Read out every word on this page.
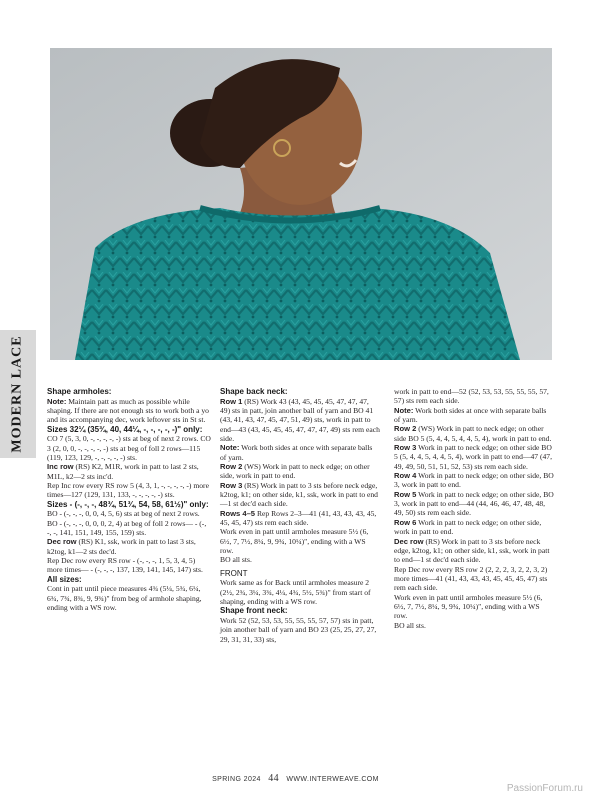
MODERN LACE	Shape armholes:

Note: Maintain patt as much as possible while shaping. If there are not enough sts to work both a yo and its accompanying dec, work leftover sts in St st.

Sizes 32¼ (35¾, 40, 44¼, -, -, -, -, -)" only:

CO 7 (5, 3, 0, -, -, -, -, -) sts at beg of next 2 rows. CO 3 (2, 0, 0, -, -, -, -, -) sts at beg of foll 2 rows—115 (119, 123, 129, -, -, -, -, -) sts.

Inc row (RS) K2, M1R, work in patt to last 2 sts, M1L, k2—2 sts inc'd.

Rep Inc row every RS row 5 (4, 3, 1, -, -, -, -, -) more times—127 (129, 131, 133, -, -, -, -, -) sts.

Sizes - (-, -, -, 48¾, 51¾, 54, 58, 61½)" only:

BO - (-, -, -, 0, 0, 4, 5, 6) sts at beg of next 2 rows. BO - (-, -, -, 0, 0, 0, 2, 4) at beg of foll 2 rows— - (-, -, -, 141, 151, 149, 155, 159) sts.

Dec row (RS) K1, ssk, work in patt to last 3 sts, k2tog, k1—2 sts dec'd.

Rep Dec row every RS row - (-, -, -, 1, 5, 3, 4, 5) more times— - (-, -, -, 137, 139, 141, 145, 147) sts.

All sizes:

Cont in patt until piece measures 4¾ (5¼, 5¾, 6¼, 6¾, 7¾, 8¾, 9, 9¾)" from beg of armhole shaping, ending with a WS row.

Shape back neck:

Row 1 (RS) Work 43 (43, 45, 45, 45, 47, 47, 47, 49) sts in patt, join another ball of yarn and BO 41 (43, 41, 43, 47, 45, 47, 51, 49) sts, work in patt to end—43 (43, 45, 45, 45, 47, 47, 47, 49) sts rem each side.

Note: Work both sides at once with separate balls of yarn.

Row 2 (WS) Work in patt to neck edge; on other side, work in patt to end.

Row 3 (RS) Work in patt to 3 sts before neck edge, k2tog, k1; on other side, k1, ssk, work in patt to end—1 st dec'd each side.

Rows 4–5 Rep Rows 2–3—41 (41, 43, 43, 43, 45, 45, 45, 47) sts rem each side.

Work even in patt until armholes measure 5½ (6, 6½, 7, 7½, 8¼, 9, 9¾, 10¼)", ending with a WS row.

BO all sts.

FRONT

Work same as for Back until armholes measure 2 (2½, 2¾, 3¼, 3¾, 4¼, 4¾, 5½, 5¾)" from start of shaping, ending with a WS row.

Shape front neck:

Work 52 (52, 53, 53, 55, 55, 55, 57, 57) sts in patt, join another ball of yarn and BO 23 (25, 25, 27, 27, 29, 31, 31, 33) sts,

work in patt to end—52 (52, 53, 53, 55, 55, 55, 57, 57) sts rem each side.

Note: Work both sides at once with separate balls of yarn.

Row 2 (WS) Work in patt to neck edge; on other side BO 5 (5, 4, 4, 5, 4, 4, 5, 4), work in patt to end.

Row 3 Work in patt to neck edge; on other side BO 5 (5, 4, 4, 5, 4, 4, 5, 4), work in patt to end—47 (47, 49, 49, 50, 51, 51, 52, 53) sts rem each side.

Row 4 Work in patt to neck edge; on other side, BO 3, work in patt to end.

Row 5 Work in patt to neck edge; on other side, BO 3, work in patt to end—44 (44, 46, 46, 47, 48, 48, 49, 50) sts rem each side.

Row 6 Work in patt to neck edge; on other side, work in patt to end.

Dec row (RS) Work in patt to 3 sts before neck edge, k2tog, k1; on other side, k1, ssk, work in patt to end—1 st dec'd each side.

Rep Dec row every RS row 2 (2, 2, 2, 3, 2, 2, 3, 2) more times—41 (41, 43, 43, 43, 45, 45, 45, 47) sts rem each side.

Work even in patt until armholes measure 5½ (6, 6½, 7, 7½, 8¼, 9, 9¾, 10¼)", ending with a WS row.

BO all sts.

SPRING 2024 44 WWW.INTERWEAVE.COM
PassionForum.ru
